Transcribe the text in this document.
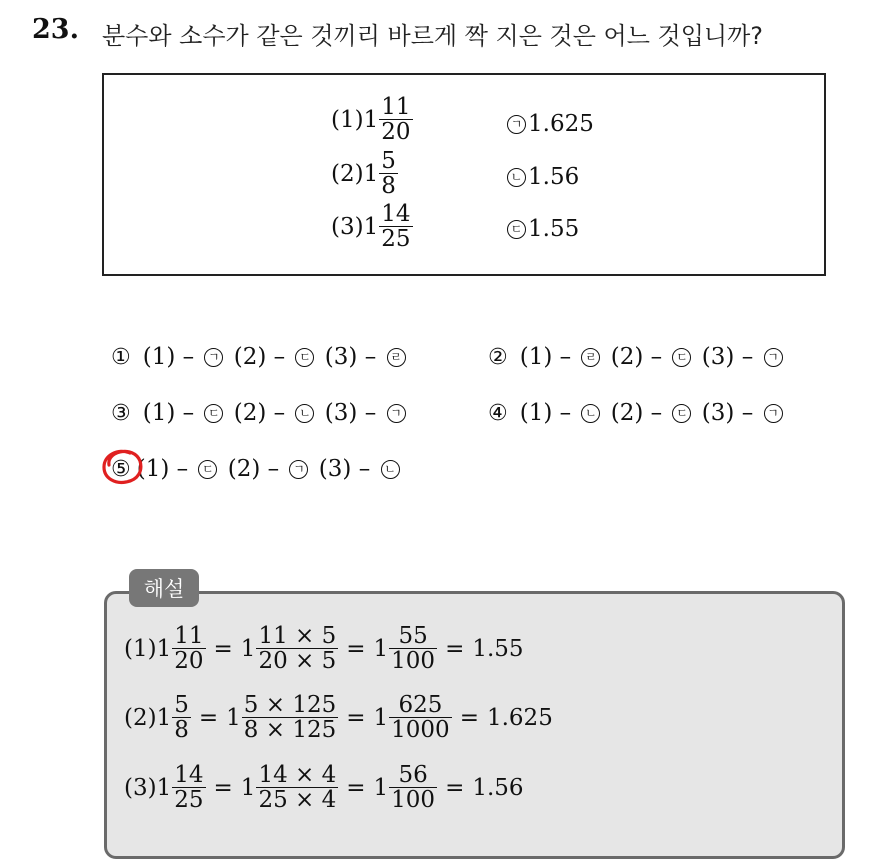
23. 분수와 소수가 같은 것끼리 바르게 짝 지은 것은 어느 것입니까?
(1) $1 \frac{11}{20}$	ㄱ 1.625
(2) $1 \frac{5}{8}$	ㄴ 1.56
(3) $1 \frac{14}{25}$	ㄷ 1.55
① (1) – ㄱ
(2) – ㄷ
(3) – ㄹ	② (1) – ㄹ
(2) – ㄷ
(3) – ㄱ
③ (1) – ㄷ
(2) – ㄴ
(3) – ㄱ	④ (1) – ㄴ
(2) – ㄷ
(3) – ㄱ
⑤ (1) – ㄷ
(2) – ㄱ
(3) – ㄴ
해설
(1) $1 \frac{11}{20} = 1 \frac{11 \times 5}{20 \times 5} = 1 \frac{55}{100} = 1.55$
(2) $1 \frac{5}{8} = 1 \frac{5 \times 125}{8 \times 125} = 1 \frac{625}{1000} = 1.625$
(3) $1 \frac{14}{25} = 1 \frac{14 \times 4}{25 \times 4} = 1 \frac{56}{100} = 1.56$
